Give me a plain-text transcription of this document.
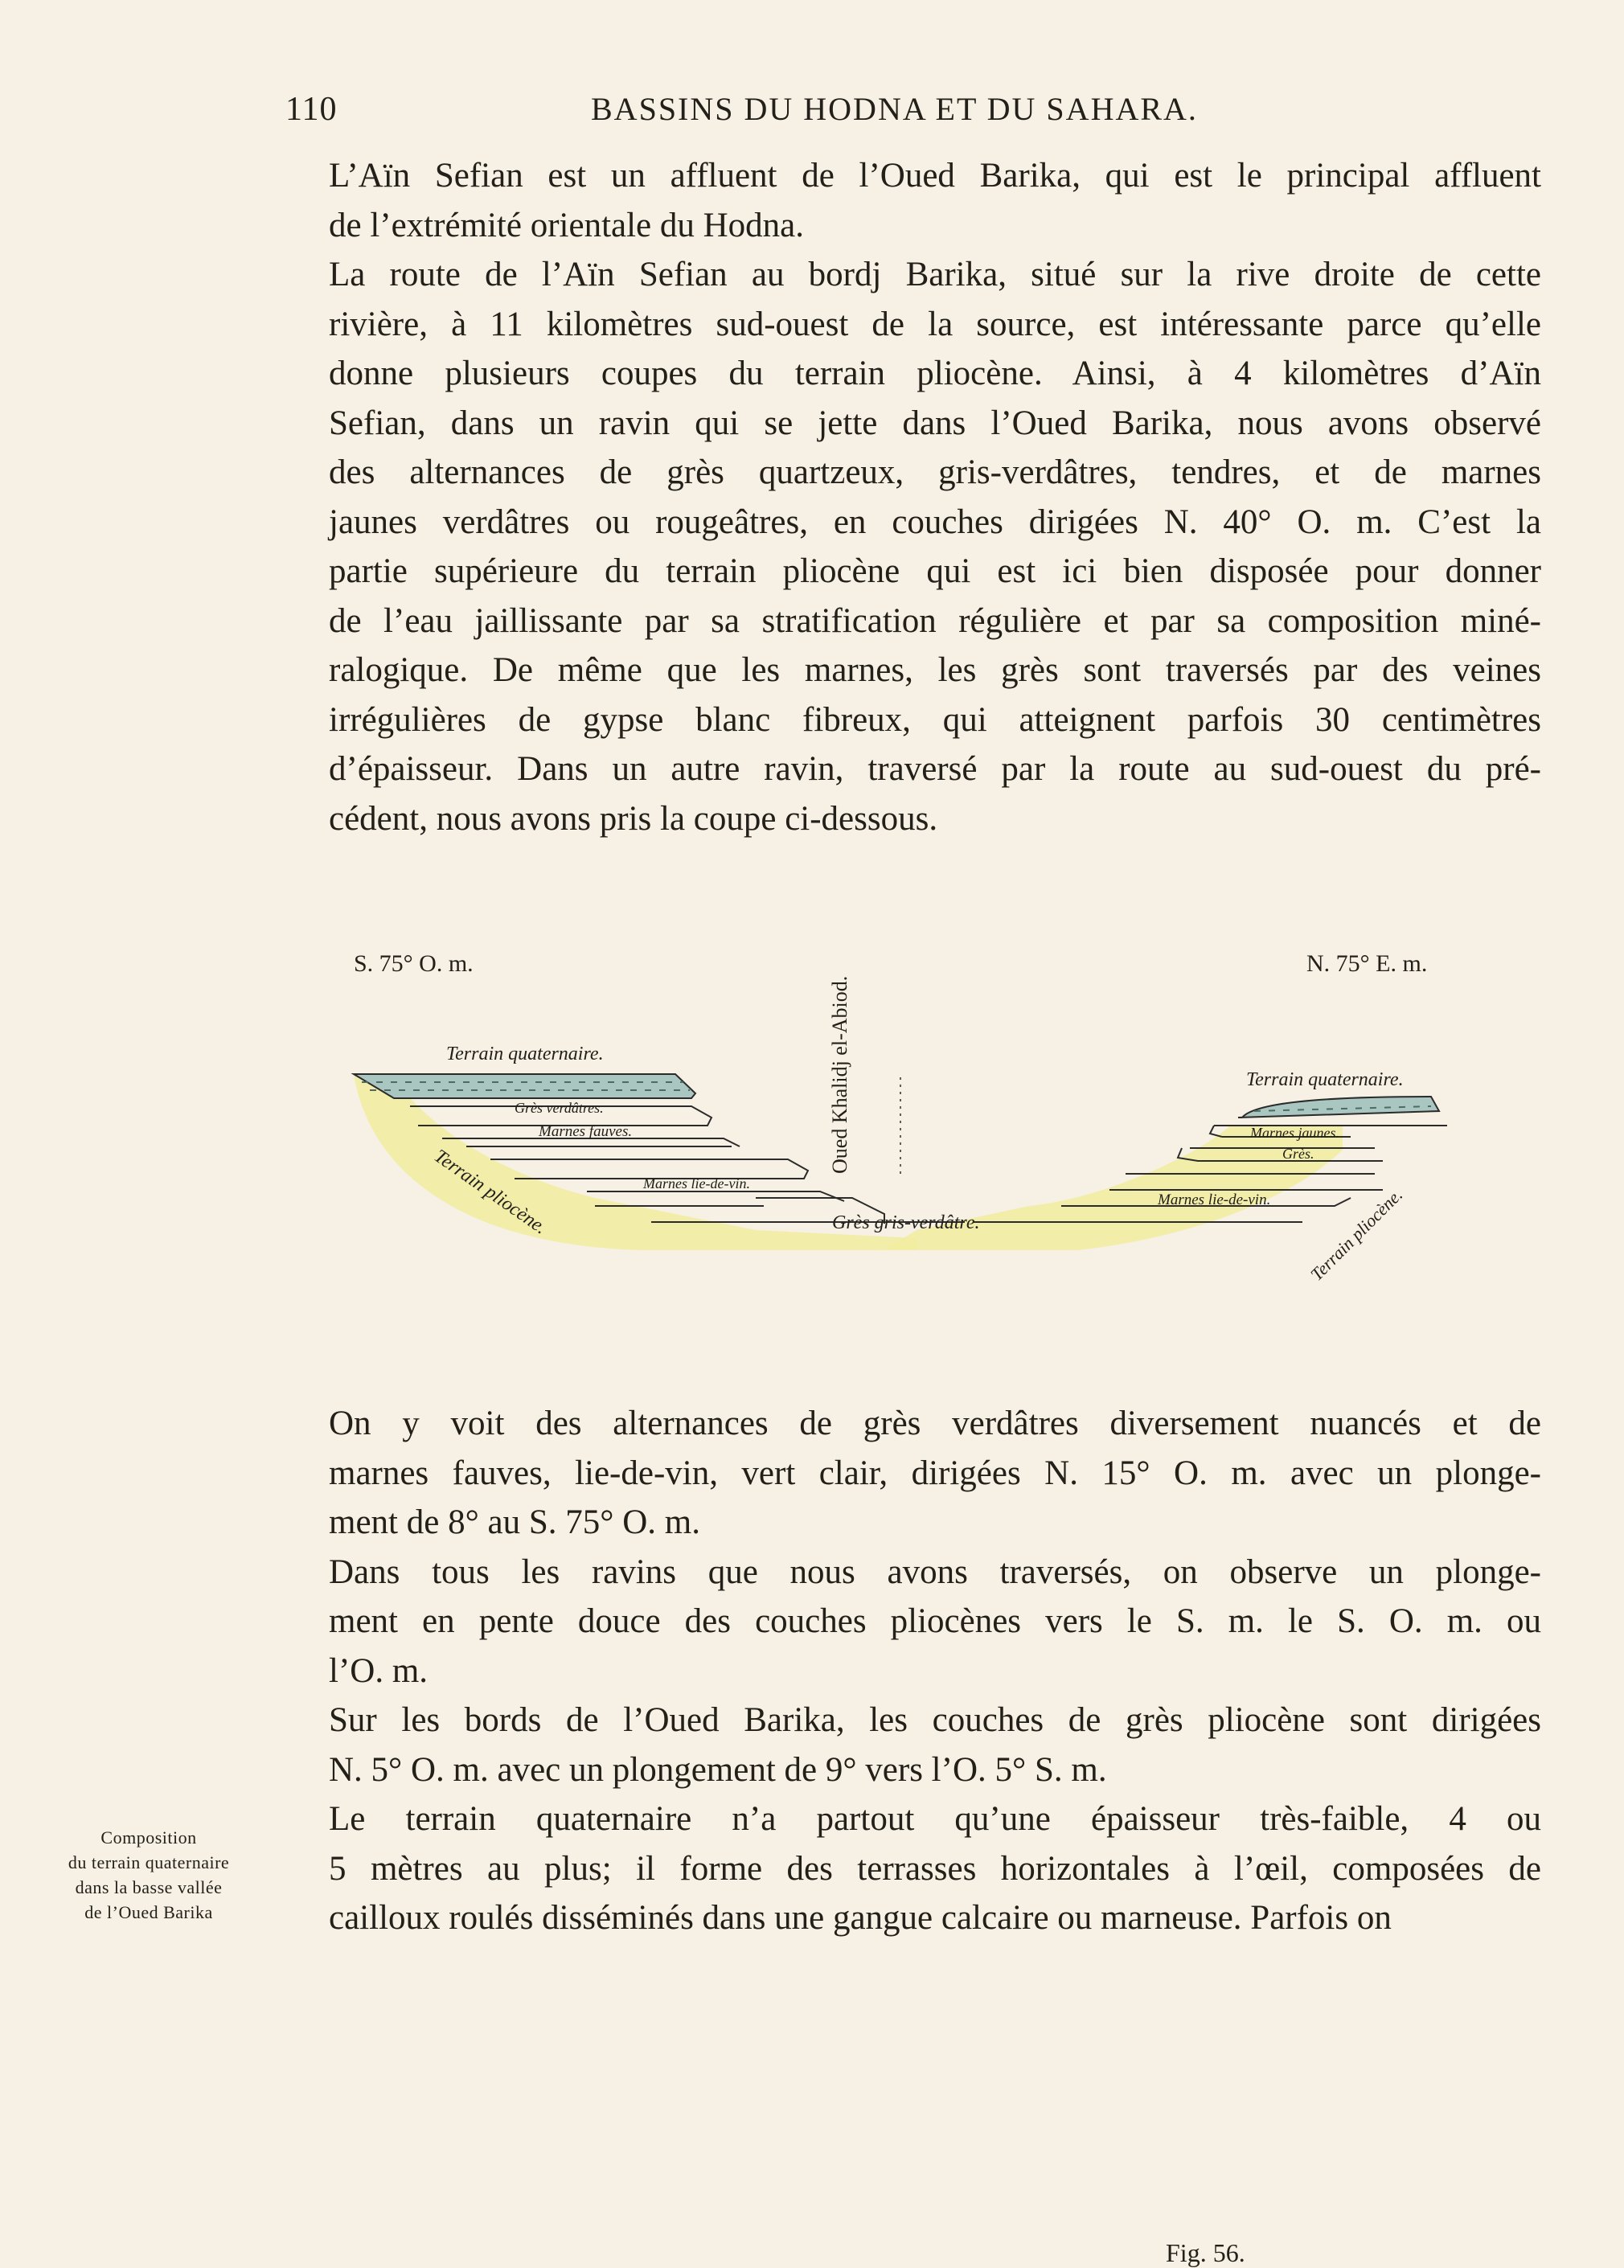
110	BASSINS DU HODNA ET DU SAHARA.

L’Aïn Sefian est un affluent de l’Oued Barika, qui est le principal affluent
de l’extrémité orientale du Hodna.

La route de l’Aïn Sefian au bordj Barika, situé sur la rive droite de cette
rivière, à 11 kilomètres sud-ouest de la source, est intéressante parce qu’elle
donne plusieurs coupes du terrain pliocène. Ainsi, à 4 kilomètres d’Aïn
Sefian, dans un ravin qui se jette dans l’Oued Barika, nous avons observé
des alternances de grès quartzeux, gris-verdâtres, tendres, et de marnes
jaunes verdâtres ou rougeâtres, en couches dirigées N. 40° O. m. C’est la
partie supérieure du terrain pliocène qui est ici bien disposée pour donner
de l’eau jaillissante par sa stratification régulière et par sa composition miné-
ralogique. De même que les marnes, les grès sont traversés par des veines
irrégulières de gypse blanc fibreux, qui atteignent parfois 30 centimètres
d’épaisseur. Dans un autre ravin, traversé par la route au sud-ouest du pré-
cédent, nous avons pris la coupe ci-dessous.

S. 75° O. m.	N. 75° E. m.
Oued Khalidj el-Abiod.
Terrain quaternaire.
Grès verdâtres.
Marnes fauves.
Marnes lie-de-vin.
Terrain pliocène.	Grès gris-verdâtre.
Terrain quaternaire.
Marnes jaunes.
Grès.
Marnes lie-de-vin. Terrain pliocène.
Fig. 56.

On y voit des alternances de grès verdâtres diversement nuancés et de
marnes fauves, lie-de-vin, vert clair, dirigées N. 15° O. m. avec un plonge-
ment de 8° au S. 75° O. m.

Dans tous les ravins que nous avons traversés, on observe un plonge-
ment en pente douce des couches pliocènes vers le S. m. le S. O. m. ou
l’O. m.

Sur les bords de l’Oued Barika, les couches de grès pliocène sont dirigées
N. 5° O. m. avec un plongement de 9° vers l’O. 5° S. m.

Le terrain quaternaire n’a partout qu’une épaisseur très-faible, 4 ou
5 mètres au plus; il forme des terrasses horizontales à l’œil, composées de
cailloux roulés disséminés dans une gangue calcaire ou marneuse. Parfois on

Composition
du terrain quaternaire
dans la basse vallée
de l’Oued Barika
